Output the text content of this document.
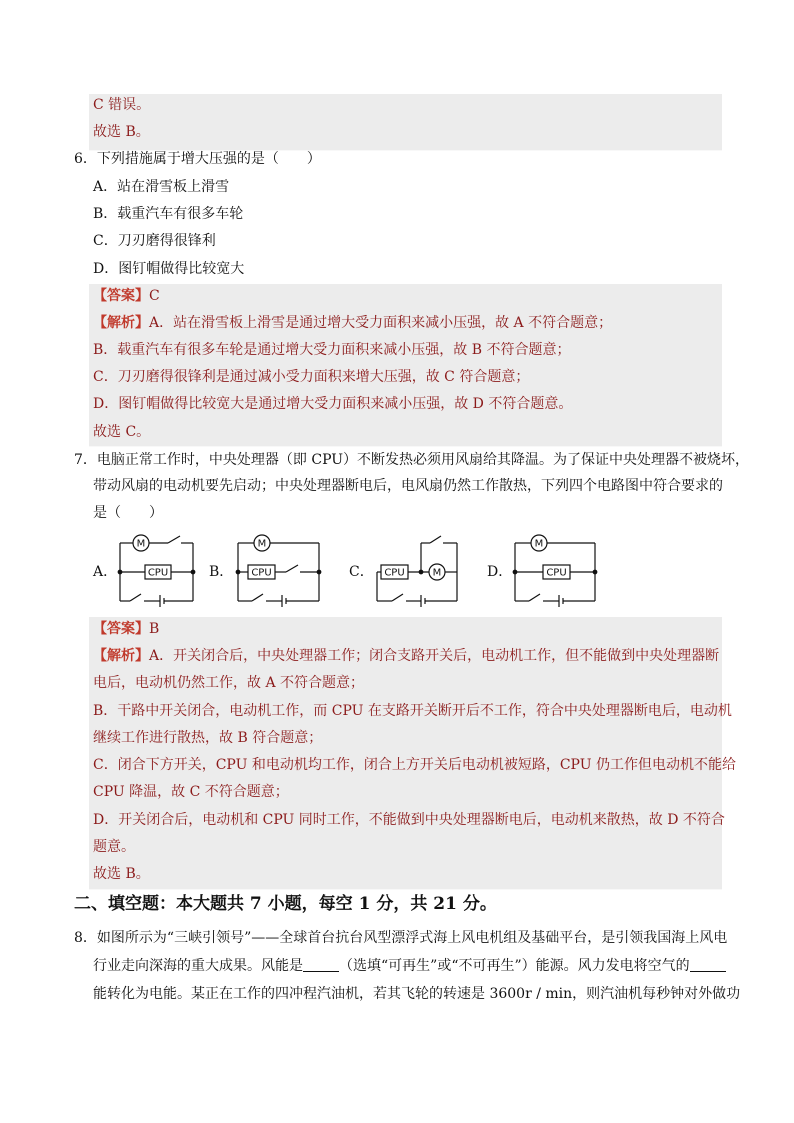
C 错误。
故选 B。
6．下列措施属于增大压强的是（　　）
A．站在滑雪板上滑雪
B．载重汽车有很多车轮
C．刀刃磨得很锋利
D．图钉帽做得比较宽大
【答案】C
【解析】A．站在滑雪板上滑雪是通过增大受力面积来减小压强，故 A 不符合题意；
B．载重汽车有很多车轮是通过增大受力面积来减小压强，故 B 不符合题意；
C．刀刃磨得很锋利是通过减小受力面积来增大压强，故 C 符合题意；
D．图钉帽做得比较宽大是通过增大受力面积来减小压强，故 D 不符合题意。
故选 C。
7．电脑正常工作时，中央处理器（即 CPU）不断发热必须用风扇给其降温。为了保证中央处理器不被烧坏，
带动风扇的电动机要先启动；中央处理器断电后，电风扇仍然工作散热，下列四个电路图中符合要求的
是（　　）
A．	B．	C．	D．
M
CPU
M
CPU	CPU	M
M
CPU
【答案】B
【解析】A．开关闭合后，中央处理器工作；闭合支路开关后，电动机工作，但不能做到中央处理器断
电后，电动机仍然工作，故 A 不符合题意；
B．干路中开关闭合，电动机工作，而 CPU 在支路开关断开后不工作，符合中央处理器断电后，电动机
继续工作进行散热，故 B 符合题意；
C．闭合下方开关，CPU 和电动机均工作，闭合上方开关后电动机被短路，CPU 仍工作但电动机不能给
CPU 降温，故 C 不符合题意；
D．开关闭合后，电动机和 CPU 同时工作，不能做到中央处理器断电后，电动机来散热，故 D 不符合
题意。
故选 B。
二、填空题：本大题共 7 小题，每空 1 分，共 21 分。
8．如图所示为“三峡引领号”——全球首台抗台风型漂浮式海上风电机组及基础平台，是引领我国海上风电
行业走向深海的重大成果。风能是	（选填“可再生”或“不可再生”）能源。风力发电将空气的
能转化为电能。某正在工作的四冲程汽油机，若其飞轮的转速是 3600r / min，则汽油机每秒钟对外做功
